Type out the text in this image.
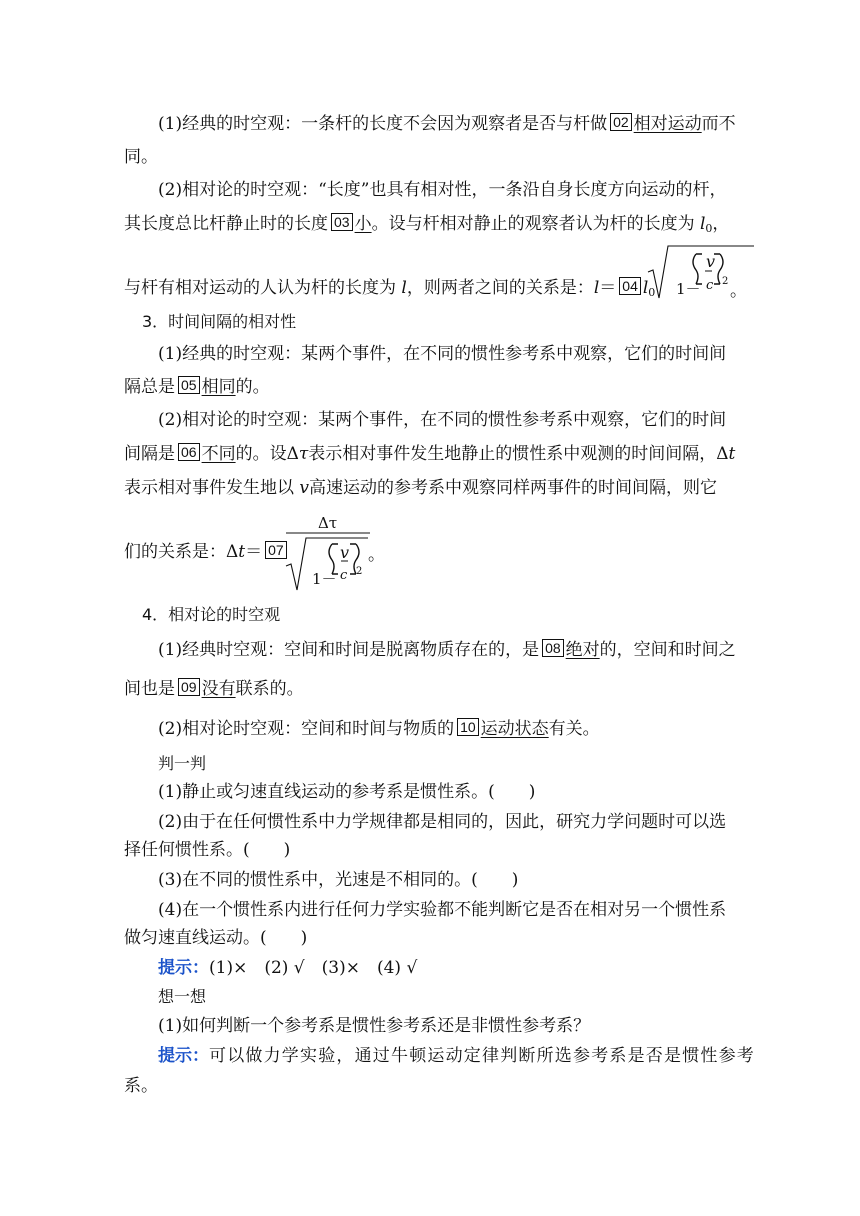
(1)经典的时空观：一条杆的长度不会因为观察者是否与杆做 02 相对运动而不
同。
(2)相对论的时空观：“长度”也具有相对性，一条沿自身长度方向运动的杆，
其长度总比杆静止时的长度 03 小。设与杆相对静止的观察者认为杆的长度为 $l_0$，
与杆有相对运动的人认为杆的长度为 l，则两者之间的关系是：l＝ 04 $l_0$ 1－
v
c 2 。
3．时间间隔的相对性
(1)经典的时空观：某两个事件，在不同的惯性参考系中观察，它们的时间间
隔总是 05 相同的。
(2)相对论的时空观：某两个事件，在不同的惯性参考系中观察，它们的时间
间隔是 06 不同的。设Δτ表示相对事件发生地静止的惯性系中观测的时间间隔，Δt
表示相对事件发生地以 v高速运动的参考系中观察同样两事件的时间间隔，则它
们的关系是：Δt＝ 07
Δτ
1－
v
c 2
。
4．相对论的时空观
(1)经典时空观：空间和时间是脱离物质存在的，是 08 绝对的，空间和时间之
间也是 09 没有联系的。
(2)相对论时空观：空间和时间与物质的 10 运动状态有关。
判一判
(1)静止或匀速直线运动的参考系是惯性系。(　　)
(2)由于在任何惯性系中力学规律都是相同的，因此，研究力学问题时可以选
择任何惯性系。(　　)
(3)在不同的惯性系中，光速是不相同的。(　　)
(4)在一个惯性系内进行任何力学实验都不能判断它是否在相对另一个惯性系
做匀速直线运动。(　　)
提示：(1)×　(2) √　(3)×　(4) √
想一想
(1)如何判断一个参考系是惯性参考系还是非惯性参考系？
提示：可以做力学实验，通过牛顿运动定律判断所选参考系是否是惯性参考
系。
